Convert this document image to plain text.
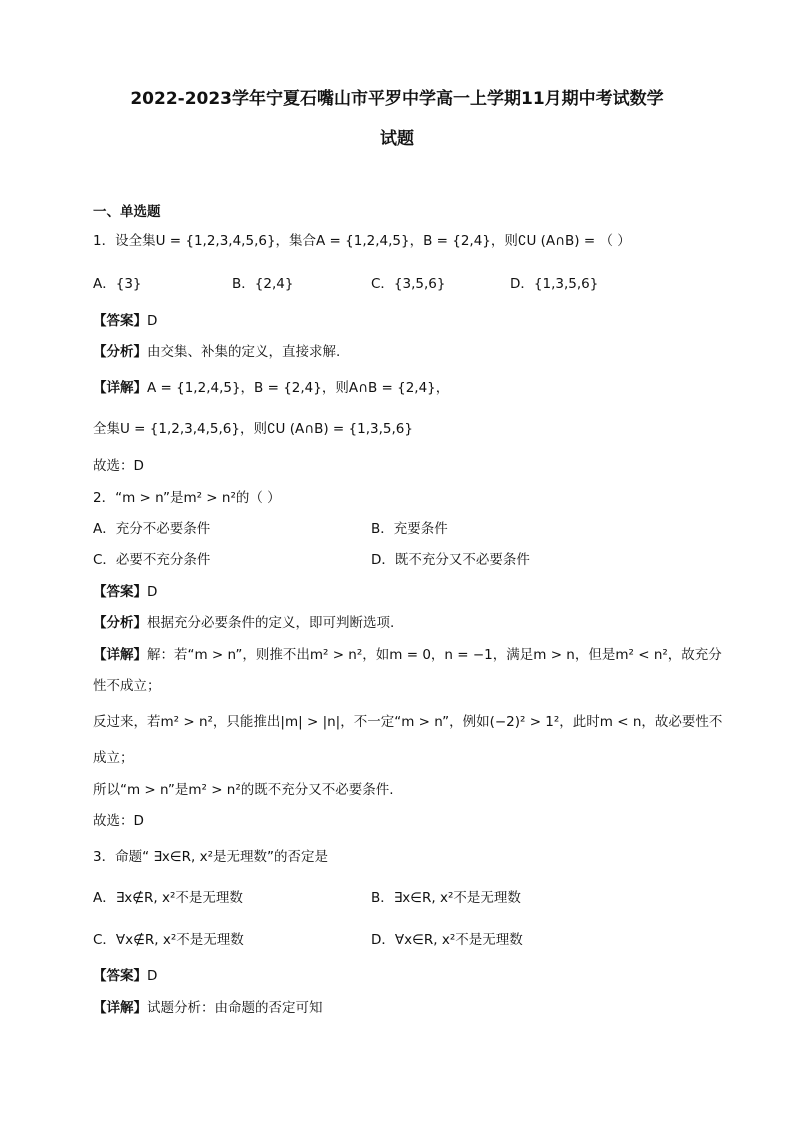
2022-2023学年宁夏石嘴山市平罗中学高一上学期11月期中考试数学
试题
一、单选题
1．设全集U = {1,2,3,4,5,6}，集合A = {1,2,4,5}，B = {2,4}，则∁U (A∩B) = （ ）
A．{3}	B．{2,4}	C．{3,5,6}	D．{1,3,5,6}
【答案】D
【分析】由交集、补集的定义，直接求解.
【详解】A = {1,2,4,5}，B = {2,4}，则A∩B = {2,4}，
全集U = {1,2,3,4,5,6}，则∁U (A∩B) = {1,3,5,6}
故选：D
2．“m > n”是m² > n²的（ ）
A．充分不必要条件	B．充要条件
C．必要不充分条件	D．既不充分又不必要条件
【答案】D
【分析】根据充分必要条件的定义，即可判断选项.
【详解】解：若“m > n”，则推不出m² > n²，如m = 0，n = −1，满足m > n，但是m² < n²，故充分
性不成立；
反过来，若m² > n²，只能推出|m| > |n|，不一定“m > n”，例如(−2)² > 1²，此时m < n，故必要性不
成立；
所以“m > n”是m² > n²的既不充分又不必要条件.
故选：D
3．命题“ ∃x∈R, x²是无理数”的否定是
A．∃x∉R, x²不是无理数	B．∃x∈R, x²不是无理数
C．∀x∉R, x²不是无理数	D．∀x∈R, x²不是无理数
【答案】D
【详解】试题分析：由命题的否定可知
